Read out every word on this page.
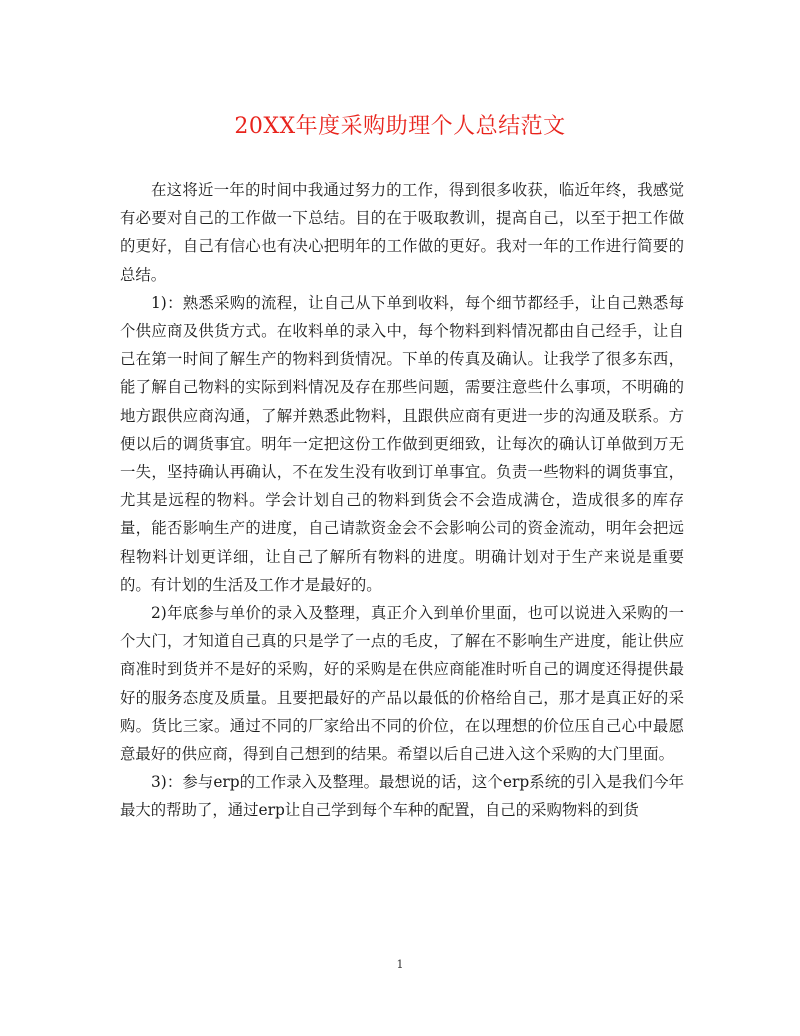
20XX年度采购助理个人总结范文

在这将近一年的时间中我通过努力的工作，得到很多收获，临近年终，我感觉有必要对自己的工作做一下总结。目的在于吸取教训，提高自己，以至于把工作做的更好，自己有信心也有决心把明年的工作做的更好。我对一年的工作进行简要的总结。

1)：熟悉采购的流程，让自己从下单到收料，每个细节都经手，让自己熟悉每个供应商及供货方式。在收料单的录入中，每个物料到料情况都由自己经手，让自己在第一时间了解生产的物料到货情况。下单的传真及确认。让我学了很多东西，能了解自己物料的实际到料情况及存在那些问题，需要注意些什么事项，不明确的地方跟供应商沟通，了解并熟悉此物料，且跟供应商有更进一步的沟通及联系。方便以后的调货事宜。明年一定把这份工作做到更细致，让每次的确认订单做到万无一失，坚持确认再确认，不在发生没有收到订单事宜。负责一些物料的调货事宜，尤其是远程的物料。学会计划自己的物料到货会不会造成满仓，造成很多的库存量，能否影响生产的进度，自己请款资金会不会影响公司的资金流动，明年会把远程物料计划更详细，让自己了解所有物料的进度。明确计划对于生产来说是重要的。有计划的生活及工作才是最好的。

2)年底参与单价的录入及整理，真正介入到单价里面，也可以说进入采购的一个大门，才知道自己真的只是学了一点的毛皮，了解在不影响生产进度，能让供应商准时到货并不是好的采购，好的采购是在供应商能准时听自己的调度还得提供最好的服务态度及质量。且要把最好的产品以最低的价格给自己，那才是真正好的采购。货比三家。通过不同的厂家给出不同的价位，在以理想的价位压自己心中最愿意最好的供应商，得到自己想到的结果。希望以后自己进入这个采购的大门里面。

3)：参与erp的工作录入及整理。最想说的话，这个erp系统的引入是我们今年最大的帮助了，通过erp让自己学到每个车种的配置，自己的采购物料的到货

1
